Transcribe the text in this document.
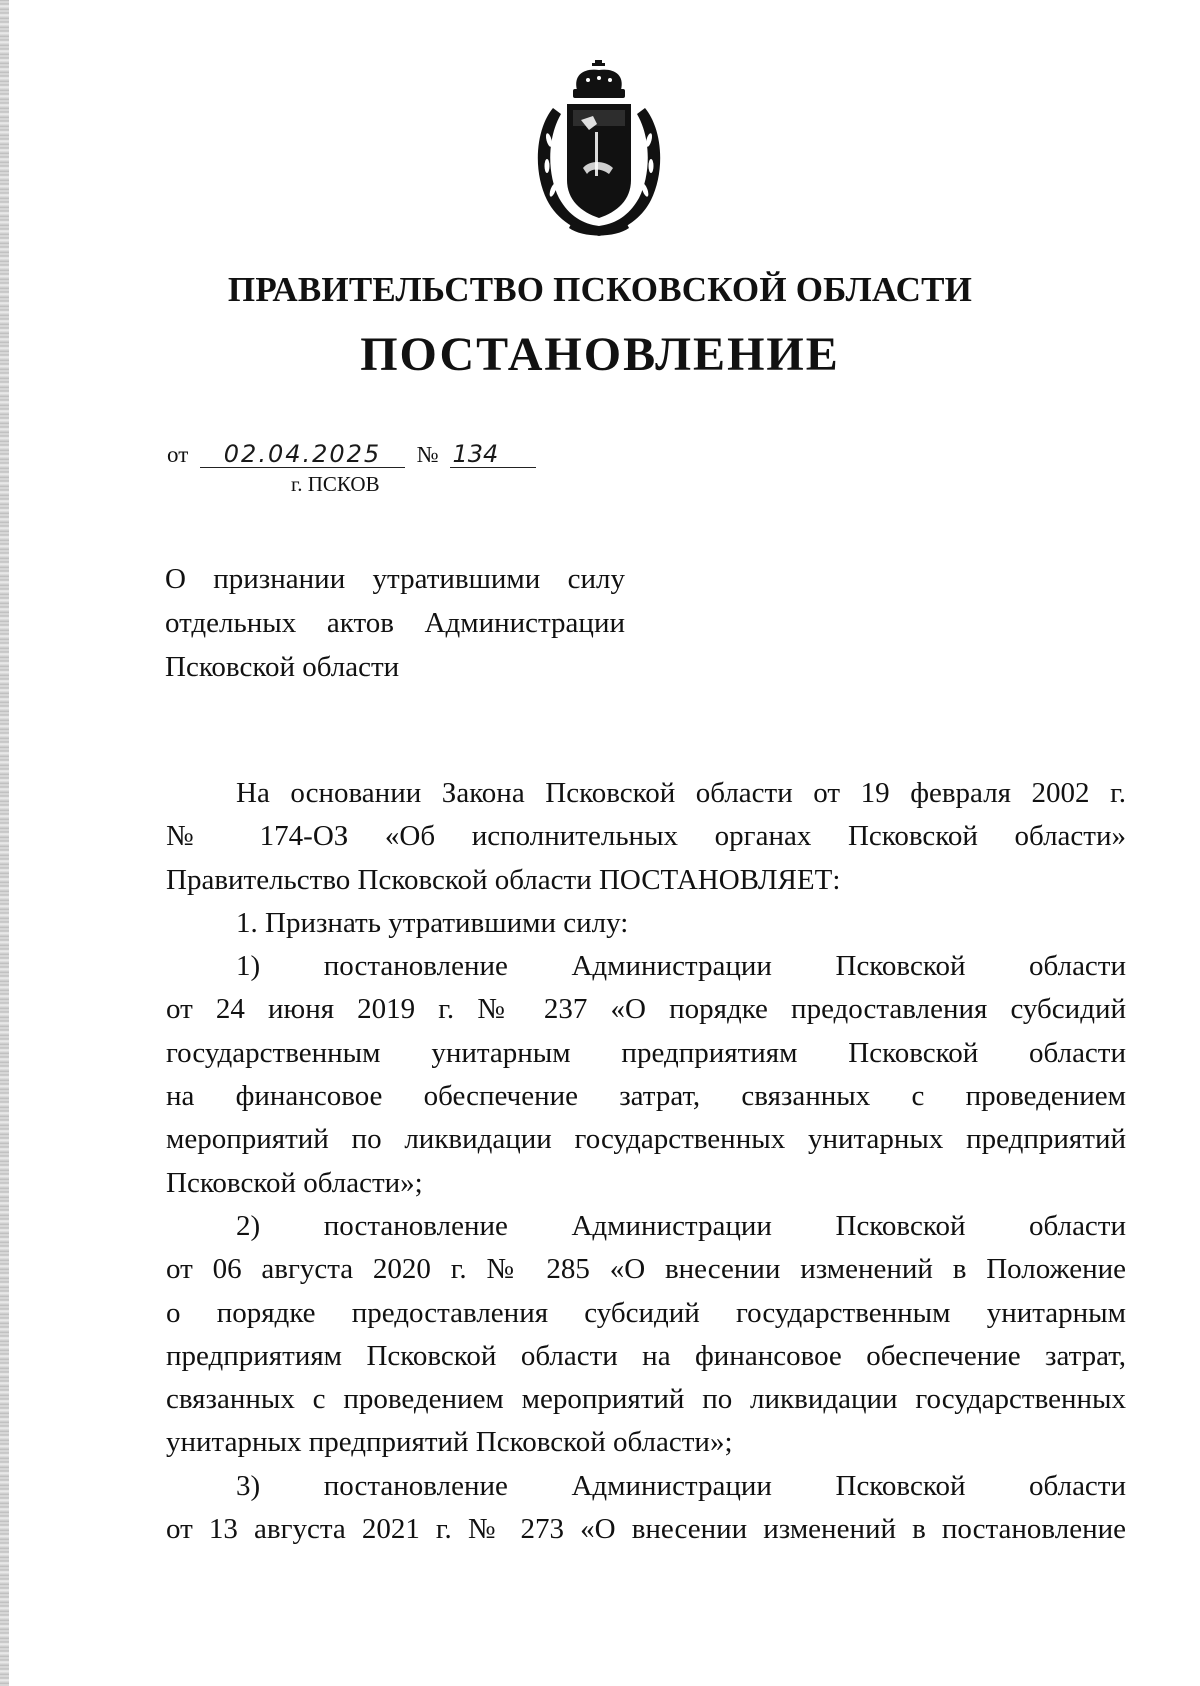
ПРАВИТЕЛЬСТВО ПСКОВСКОЙ ОБЛАСТИ
ПОСТАНОВЛЕНИЕ
от 02.04.2025 № 134
г. ПСКОВ
О признании утратившими силу
отдельных актов Администрации
Псковской области
На основании Закона Псковской области от 19 февраля 2002 г.
№ 174-ОЗ «Об исполнительных органах Псковской области»
Правительство Псковской области ПОСТАНОВЛЯЕТ:
1. Признать утратившими силу:
1) постановление Администрации Псковской области
от 24 июня 2019 г. № 237 «О порядке предоставления субсидий
государственным унитарным предприятиям Псковской области
на финансовое обеспечение затрат, связанных с проведением
мероприятий по ликвидации государственных унитарных предприятий
Псковской области»;
2) постановление Администрации Псковской области
от 06 августа 2020 г. № 285 «О внесении изменений в Положение
о порядке предоставления субсидий государственным унитарным
предприятиям Псковской области на финансовое обеспечение затрат,
связанных с проведением мероприятий по ликвидации государственных
унитарных предприятий Псковской области»;
3) постановление Администрации Псковской области
от 13 августа 2021 г. № 273 «О внесении изменений в постановление
